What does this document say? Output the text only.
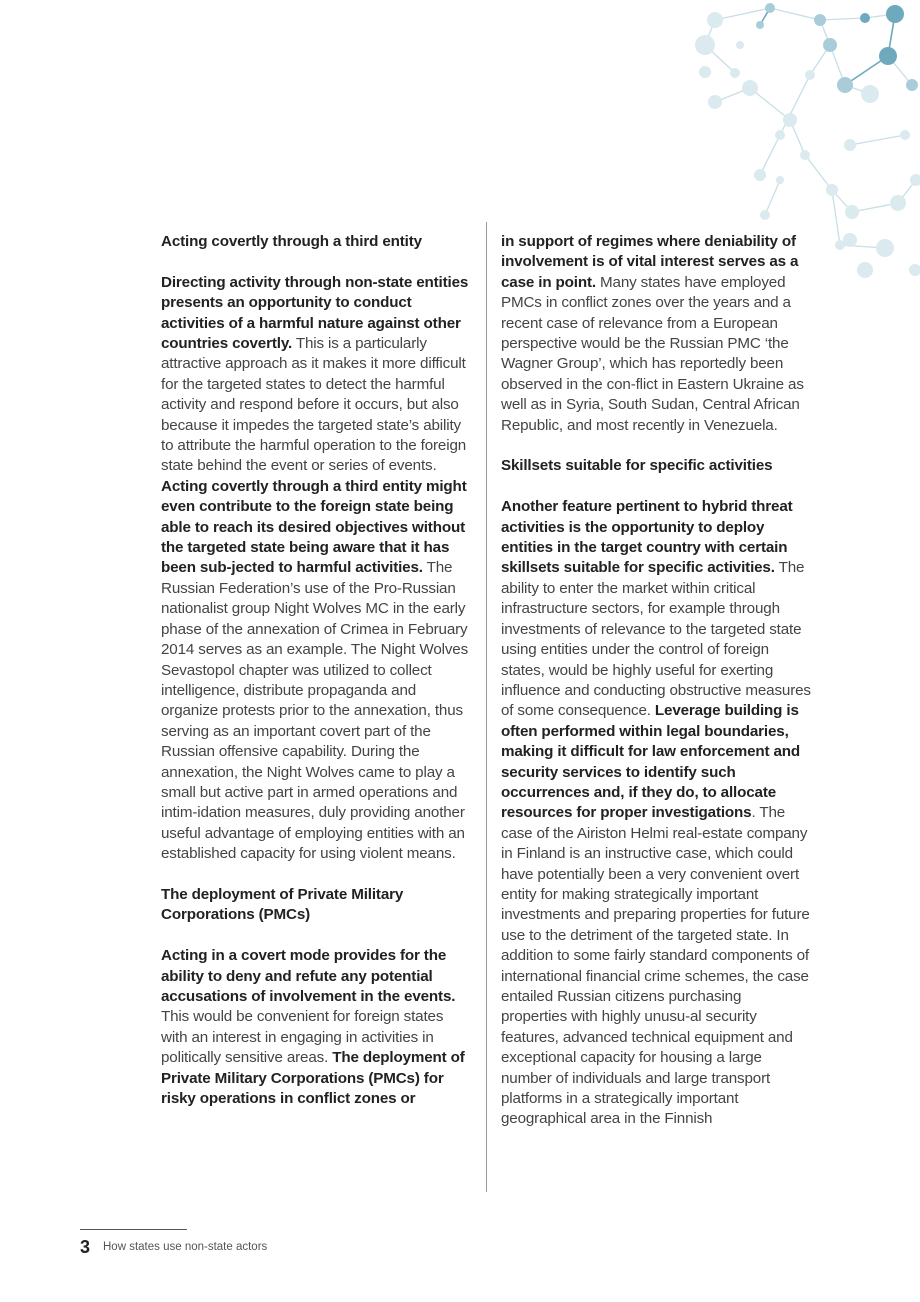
Acting covertly through a third entity

Directing activity through non-state entities presents an opportunity to conduct activities of a harmful nature against other countries covertly. This is a particularly attractive approach as it makes it more difficult for the targeted states to detect the harmful activity and respond before it occurs, but also because it impedes the targeted state’s ability to attribute the harmful operation to the foreign state behind the event or series of events. Acting covertly through a third entity might even contribute to the foreign state being able to reach its desired objectives without the targeted state being aware that it has been sub-jected to harmful activities. The Russian Federation’s use of the Pro-Russian nationalist group Night Wolves MC in the early phase of the annexation of Crimea in February 2014 serves as an example. The Night Wolves Sevastopol chapter was utilized to collect intelligence, distribute propaganda and organize protests prior to the annexation, thus serving as an important covert part of the Russian offensive capability. During the annexation, the Night Wolves came to play a small but active part in armed operations and intim-idation measures, duly providing another useful advantage of employing entities with an established capacity for using violent means.

The deployment of Private Military Corporations (PMCs)

Acting in a covert mode provides for the ability to deny and refute any potential accusations of involvement in the events. This would be convenient for foreign states with an interest in engaging in activities in politically sensitive areas. The deployment of Private Military Corporations (PMCs) for risky operations in conflict zones or

in support of regimes where deniability of involvement is of vital interest serves as a case in point. Many states have employed PMCs in conflict zones over the years and a recent case of relevance from a European perspective would be the Russian PMC ‘the Wagner Group’, which has reportedly been observed in the con-flict in Eastern Ukraine as well as in Syria, South Sudan, Central African Republic, and most recently in Venezuela.

Skillsets suitable for specific activities

Another feature pertinent to hybrid threat activities is the opportunity to deploy entities in the target country with certain skillsets suitable for specific activities. The ability to enter the market within critical infrastructure sectors, for example through investments of relevance to the targeted state using entities under the control of foreign states, would be highly useful for exerting influence and conducting obstructive measures of some consequence. Leverage building is often performed within legal boundaries, making it difficult for law enforcement and security services to identify such occurrences and, if they do, to allocate resources for proper investigations. The case of the Airiston Helmi real-estate company in Finland is an instructive case, which could have potentially been a very convenient overt entity for making strategically important investments and preparing properties for future use to the detriment of the targeted state. In addition to some fairly standard components of international financial crime schemes, the case entailed Russian citizens purchasing properties with highly unusu-al security features, advanced technical equipment and exceptional capacity for housing a large number of individuals and large transport platforms in a strategically important geographical area in the Finnish

3 How states use non-state actors
